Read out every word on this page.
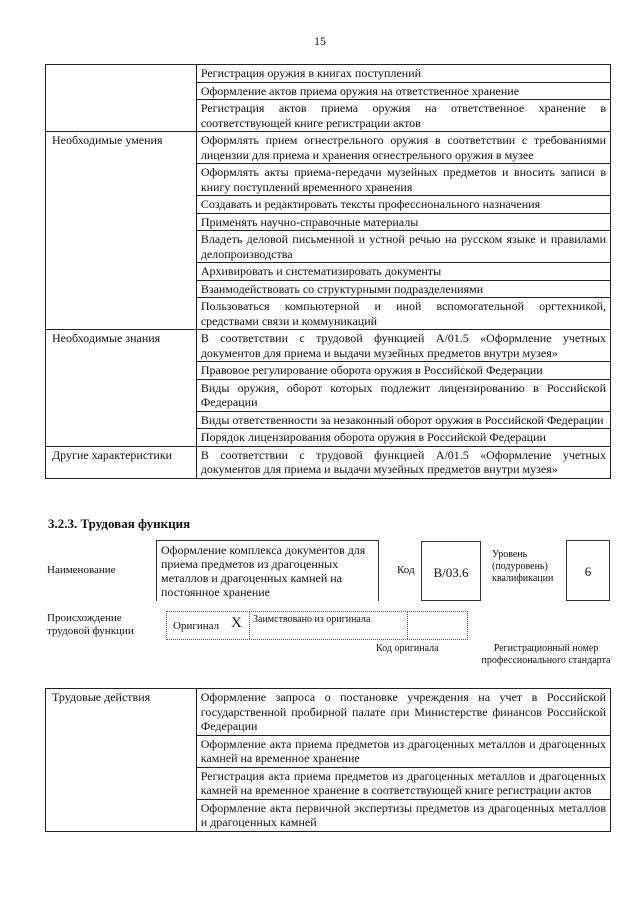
15
	Регистрация оружия в книгах поступлений
	Оформление актов приема оружия на ответственное хранение
	Регистрация актов приема оружия на ответственное хранение в соответствующей книге регистрации актов
Необходимые умения	Оформлять прием огнестрельного оружия в соответствии с требованиями лицензии для приема и хранения огнестрельного оружия в музее
	Оформлять акты приема-передачи музейных предметов и вносить записи в книгу поступлений временного хранения
	Создавать и редактировать тексты профессионального назначения
	Применять научно-справочные материалы
	Владеть деловой письменной и устной речью на русском языке и правилами делопроизводства
	Архивировать и систематизировать документы
	Взаимодействовать со структурными подразделениями
	Пользоваться компьютерной и иной вспомогательной оргтехникой, средствами связи и коммуникаций
Необходимые знания	В соответствии с трудовой функцией А/01.5 «Оформление учетных документов для приема и выдачи музейных предметов внутри музея»
	Правовое регулирование оборота оружия в Российской Федерации
	Виды оружия, оборот которых подлежит лицензированию в Российской Федерации
	Виды ответственности за незаконный оборот оружия в Российской Федерации
	Порядок лицензирования оборота оружия в Российской Федерации
Другие характеристики	В соответствии с трудовой функцией А/01.5 «Оформление учетных документов для приема и выдачи музейных предметов внутри музея»
3.2.3. Трудовая функция
Наименование
Оформление комплекса документов для приема предметов из драгоценных металлов и драгоценных камней на постоянное хранение
Код	B/03.6
Уровень (подуровень) квалификации	6
Происхождение трудовой функции	Оригинал X Заимствовано из оригинала
Код оригинала	Регистрационный номер профессионального стандарта
Трудовые действия	Оформление запроса о постановке учреждения на учет в Российской государственной пробирной палате при Министерстве финансов Российской Федерации
Оформление акта приема предметов из драгоценных металлов и драгоценных камней на временное хранение
Регистрация акта приема предметов из драгоценных металлов и драгоценных камней на временное хранение в соответствующей книге регистрации актов
Оформление акта первичной экспертизы предметов из драгоценных металлов и драгоценных камней
